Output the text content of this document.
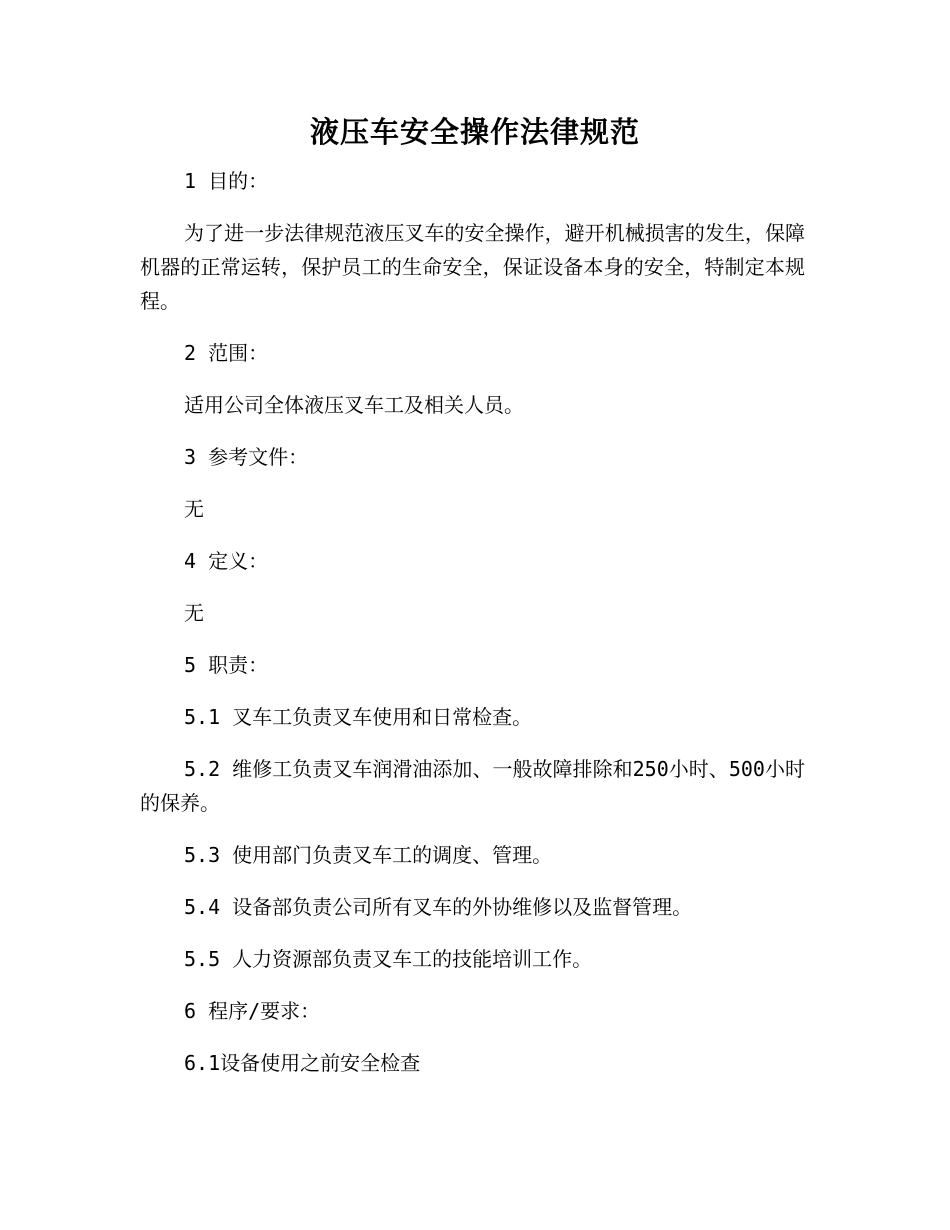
液压车安全操作法律规范

1 目的：

为了进一步法律规范液压叉车的安全操作，避开机械损害的发生，保障机器的正常运转，保护员工的生命安全，保证设备本身的安全，特制定本规程。

2 范围：

适用公司全体液压叉车工及相关人员。

3 参考文件：

无

4 定义：

无

5 职责：

5.1 叉车工负责叉车使用和日常检查。

5.2 维修工负责叉车润滑油添加、一般故障排除和250小时、500小时的保养。

5.3 使用部门负责叉车工的调度、管理。

5.4 设备部负责公司所有叉车的外协维修以及监督管理。

5.5 人力资源部负责叉车工的技能培训工作。

6 程序/要求：

6.1设备使用之前安全检查
